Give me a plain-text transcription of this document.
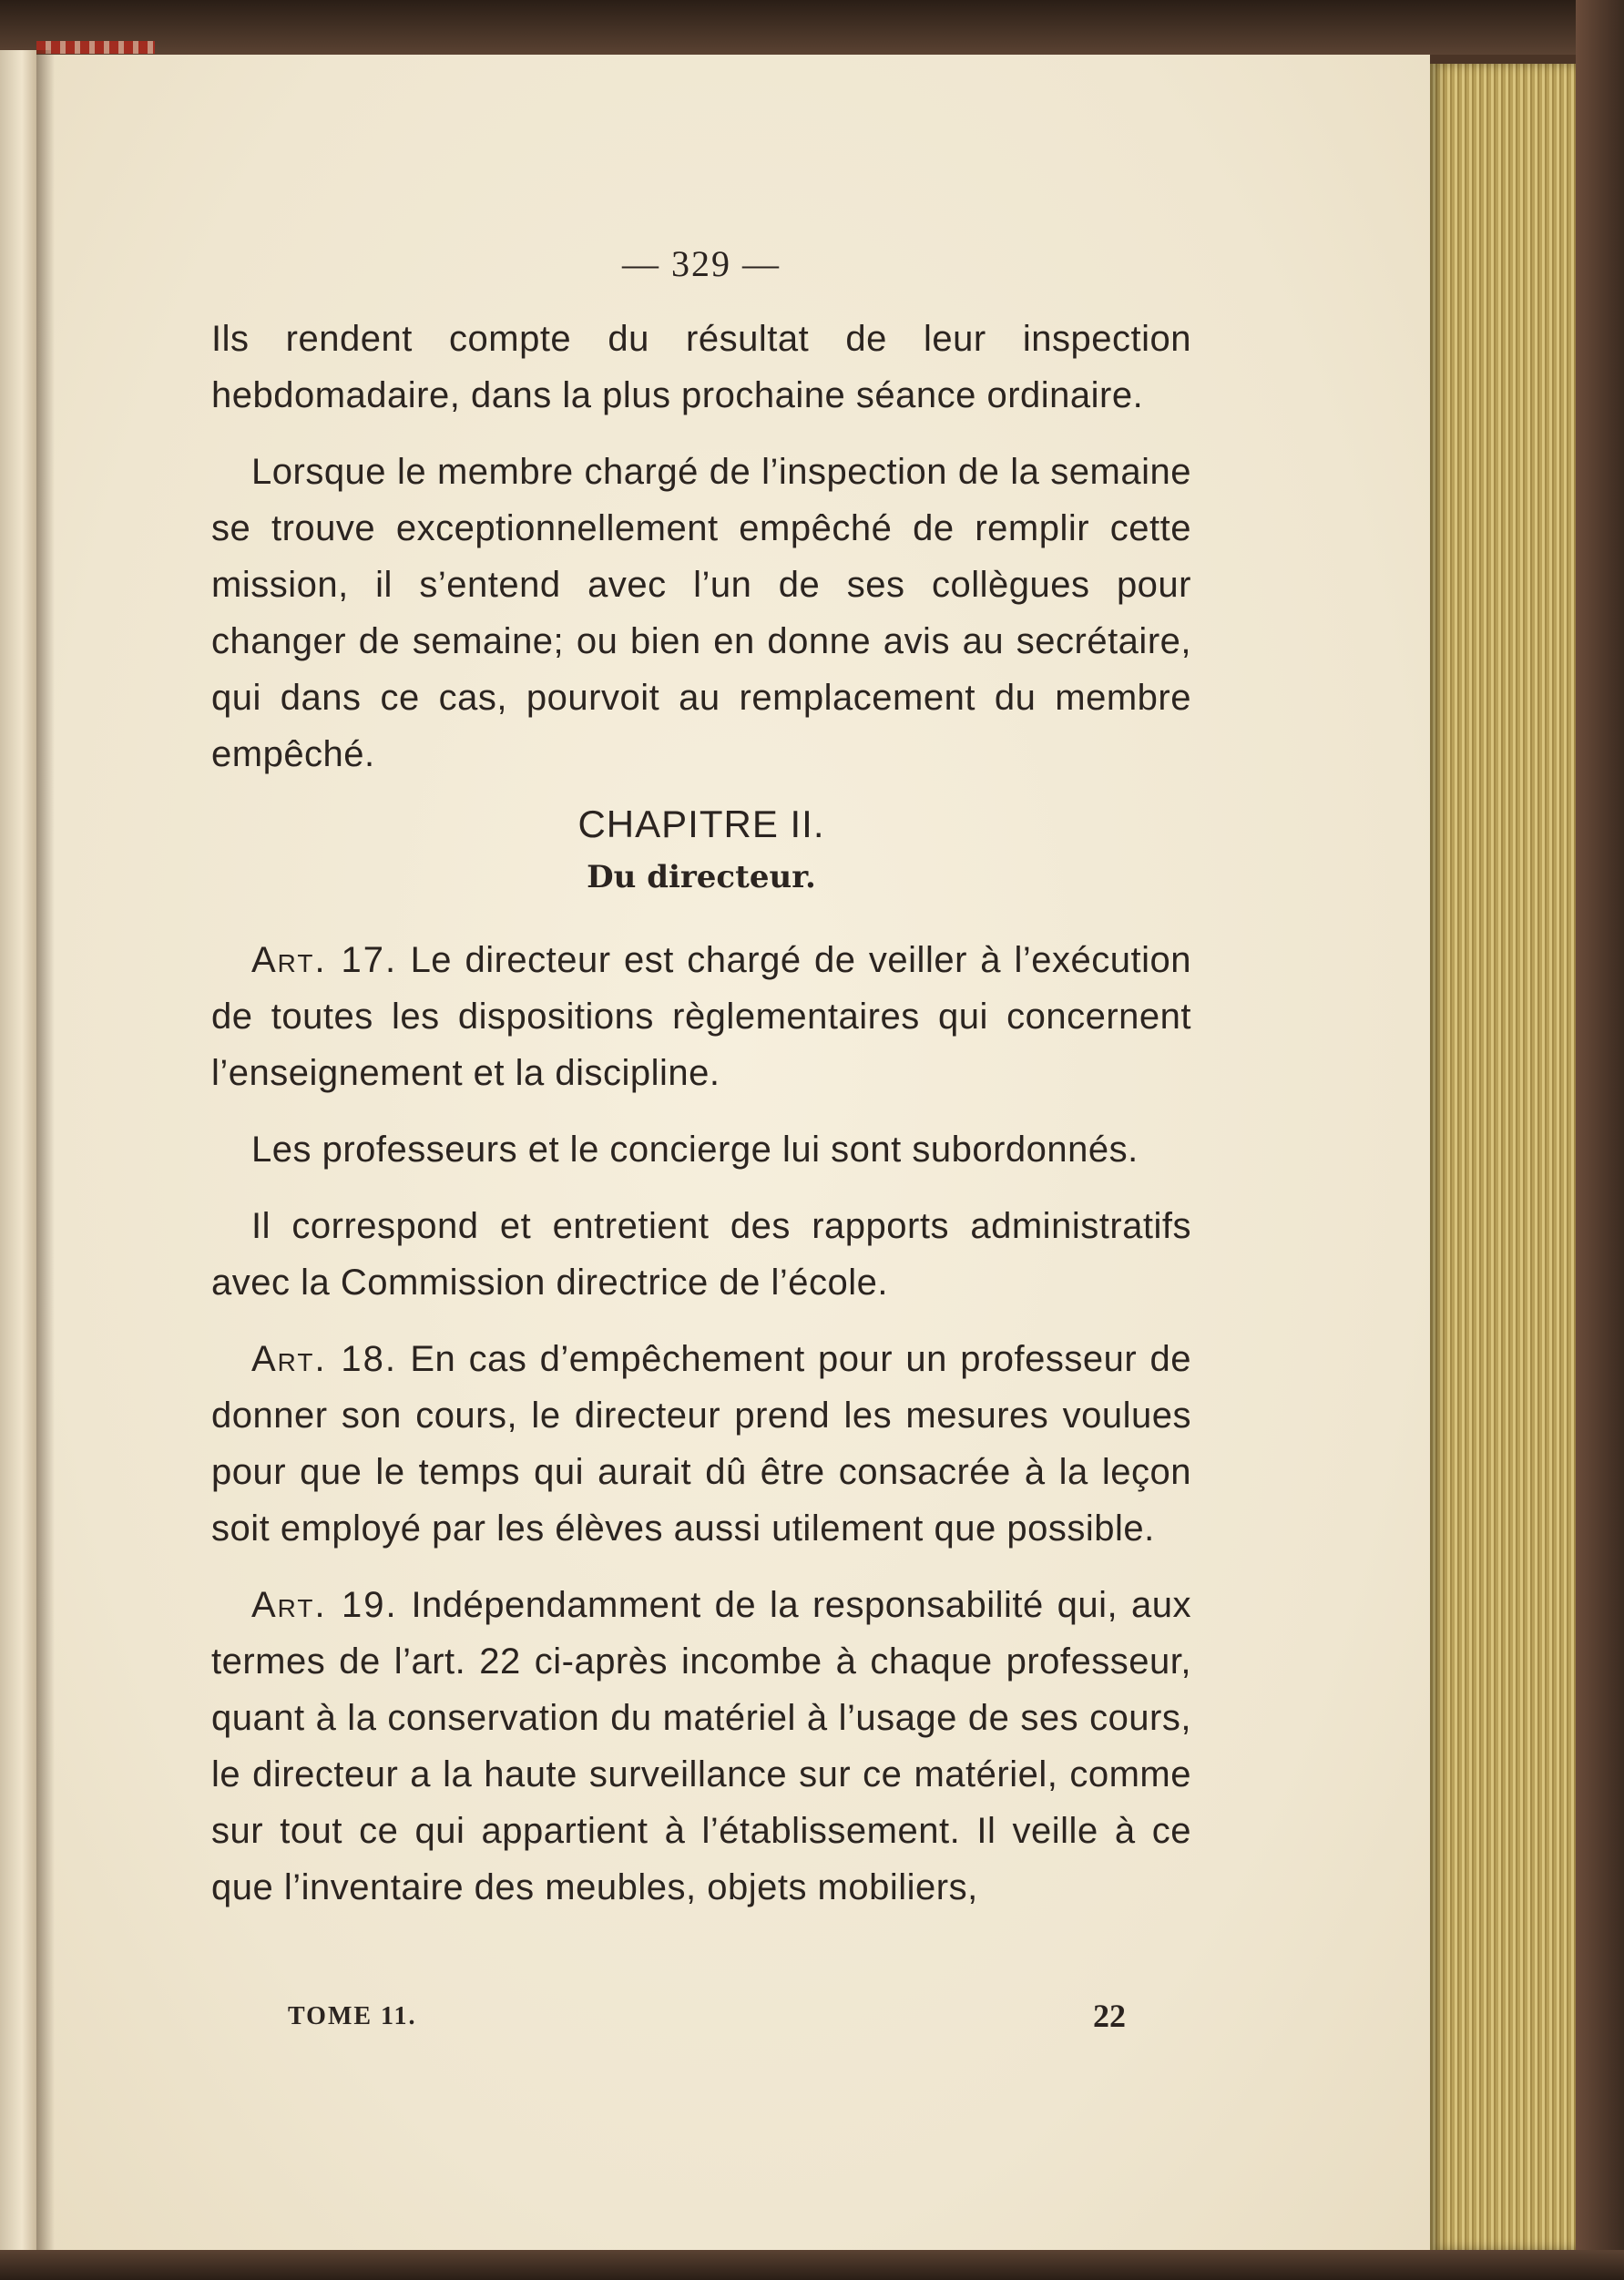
— 329 —

Ils rendent compte du résultat de leur inspection hebdomadaire, dans la plus prochaine séance ordinaire.

Lorsque le membre chargé de l’inspection de la semaine se trouve exceptionnellement empêché de remplir cette mission, il s’entend avec l’un de ses collègues pour changer de semaine; ou bien en donne avis au secrétaire, qui dans ce cas, pourvoit au remplacement du membre empêché.

CHAPITRE II.
Du directeur.

Art. 17. Le directeur est chargé de veiller à l’exécution de toutes les dispositions règlementaires qui concernent l’enseignement et la discipline.

Les professeurs et le concierge lui sont subordonnés.

Il correspond et entretient des rapports administratifs avec la Commission directrice de l’école.

Art. 18. En cas d’empêchement pour un professeur de donner son cours, le directeur prend les mesures voulues pour que le temps qui aurait dû être consacrée à la leçon soit employé par les élèves aussi utilement que possible.

Art. 19. Indépendamment de la responsabilité qui, aux termes de l’art. 22 ci-après incombe à chaque professeur, quant à la conservation du matériel à l’usage de ses cours, le directeur a la haute surveillance sur ce matériel, comme sur tout ce qui appartient à l’établissement. Il veille à ce que l’inventaire des meubles, objets mobiliers,

TOME 11.	22
